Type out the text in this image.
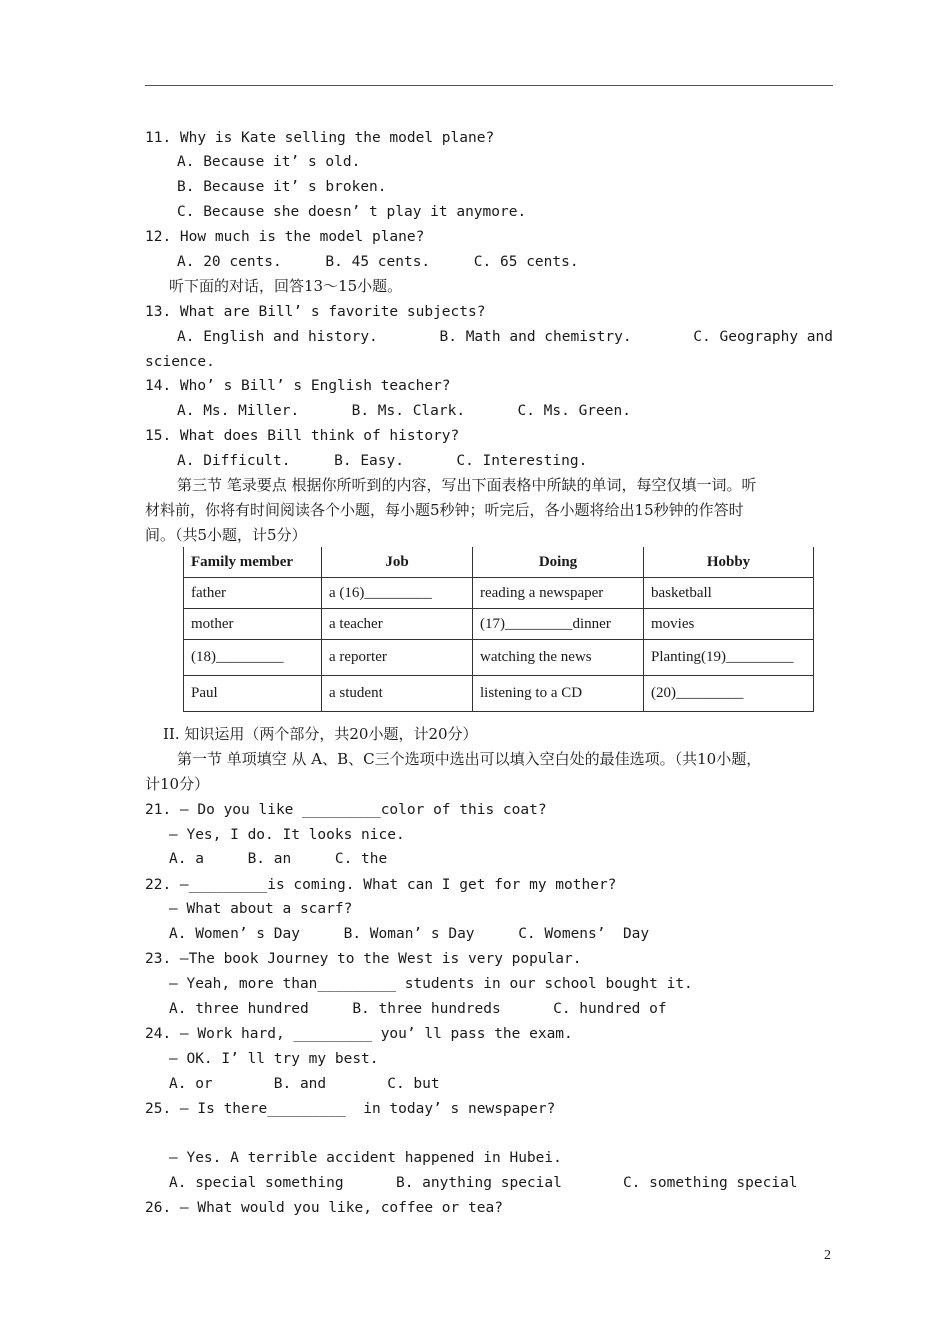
11. Why is Kate selling the model plane?
A. Because it’ s old.
B. Because it’ s broken.
C. Because she doesn’ t play it anymore.
12. How much is the model plane?
A. 20 cents.     B. 45 cents.     C. 65 cents.
听下面的对话，回答13～15小题。
13. What are Bill’ s favorite subjects?
A. English and history.	B. Math and chemistry.	C. Geography and
science.
14. Who’ s Bill’ s English teacher?
A. Ms. Miller.      B. Ms. Clark.      C. Ms. Green.
15. What does Bill think of history?
A. Difficult.     B. Easy.      C. Interesting.
第三节 笔录要点 根据你所听到的内容，写出下面表格中所缺的单词，每空仅填一词。听
材料前，你将有时间阅读各个小题，每小题5秒钟；听完后，各小题将给出15秒钟的作答时
间。（共5小题，计5分）
Family member	Job	Doing	Hobby
father	a (16)_________	reading a newspaper	basketball
mother	a teacher	(17)_________dinner	movies
(18)_________	a reporter	watching the news	Planting(19)_________
Paul	a student	listening to a CD	(20)_________
II. 知识运用（两个部分，共20小题，计20分）
第一节 单项填空 从 A、B、C三个选项中选出可以填入空白处的最佳选项。（共10小题，
计10分）
21. — Do you like _________color of this coat?
— Yes, I do. It looks nice.
A. a     B. an     C. the
22. —_________is coming. What can I get for my mother?
— What about a scarf?
A. Women’ s Day     B. Woman’ s Day     C. Womens’  Day
23. —The book Journey to the West is very popular.
— Yeah, more than_________ students in our school bought it.
A. three hundred     B. three hundreds      C. hundred of
24. — Work hard, _________ you’ ll pass the exam.
— OK. I’ ll try my best.
A. or       B. and       C. but
25. — Is there_________  in today’ s newspaper?
— Yes. A terrible accident happened in Hubei.
A. special something      B. anything special       C. something special
26. — What would you like, coffee or tea?
2
